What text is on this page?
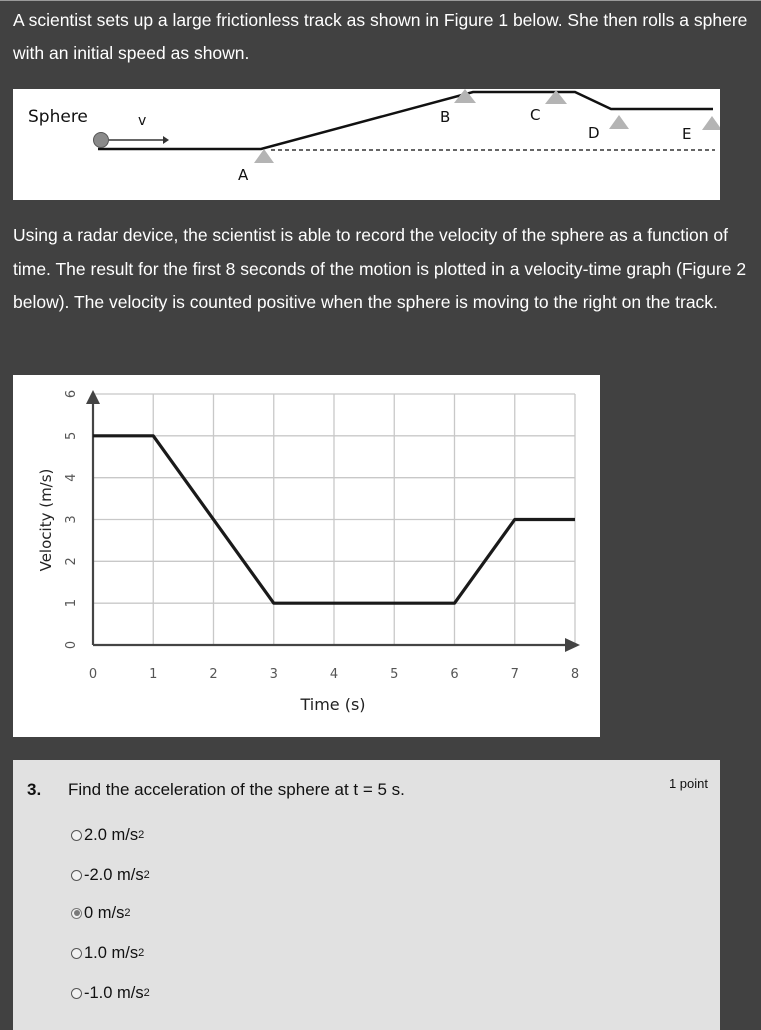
A scientist sets up a large frictionless track as shown in Figure 1 below. She then rolls a sphere with an initial speed as shown.

Sphere	v
A
B	C
D	E

Using a radar device, the scientist is able to record the velocity of the sphere as a function of time. The result for the first 8 seconds of the motion is plotted in a velocity-time graph (Figure 2 below). The velocity is counted positive when the sphere is moving to the right on the track.

0	1	2	3	4	5	6	7	8
0
1
2
3
4
5
6
Time (s)
Velocity (m/s)
3. Find the acceleration of the sphere at t = 5 s.	1 point
2.0 m/s 2
-2.0 m/s 2
0 m/s 2
1.0 m/s 2
-1.0 m/s 2
